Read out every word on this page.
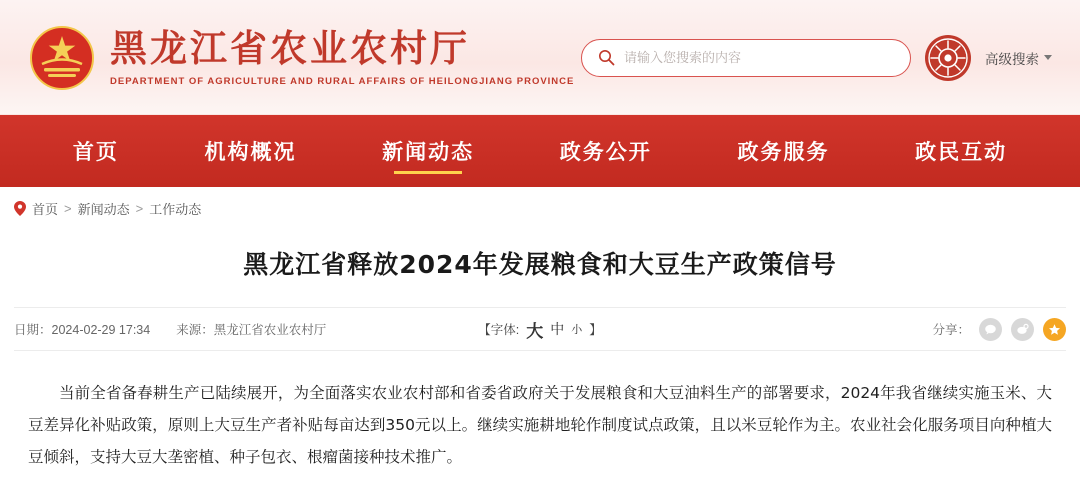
黑龙江省农业农村厅
DEPARTMENT OF AGRICULTURE AND RURAL AFFAIRS OF HEILONGJIANG PROVINCE
请输入您搜索的内容
高级搜索
首页	机构概况	新闻动态	政务公开	政务服务	政民互动
首页 > 新闻动态 > 工作动态
黑龙江省释放2024年发展粮食和大豆生产政策信号
日期：2024-02-29 17:34 来源：黑龙江省农业农村厅	【字体: 大 中 小 】	分享：

当前全省备春耕生产已陆续展开，为全面落实农业农村部和省委省政府关于发展粮食和大豆油料生产的部署要求，2024年我省继续实施玉米、大豆差异化补贴政策，原则上大豆生产者补贴每亩达到350元以上。继续实施耕地轮作制度试点政策，且以米豆轮作为主。农业社会化服务项目向种植大豆倾斜，支持大豆大垄密植、种子包衣、根瘤菌接种技术推广。
